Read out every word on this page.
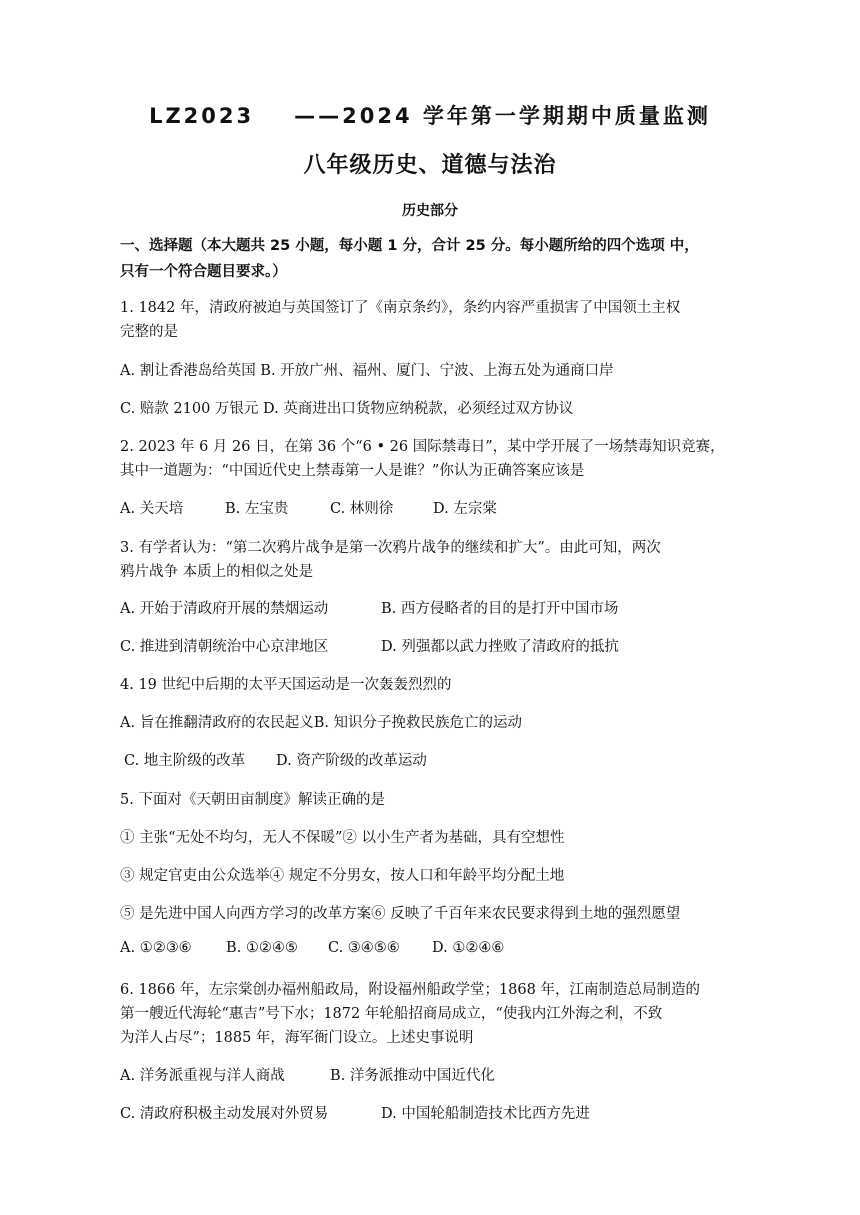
LZ2023 ——2024 学年第一学期期中质量监测
八年级历史、道德与法治
历史部分
一、选择题（本大题共 25 小题，每小题 1 分，合计 25 分。每小题所给的四个选项 中，
只有一个符合题目要求。）
1. 1842 年，清政府被迫与英国签订了《南京条约》，条约内容严重损害了中国领土主权
完整的是
A. 割让香港岛给英国 B. 开放广州、福州、厦门、宁波、上海五处为通商口岸
C. 赔款 2100 万银元 D. 英商进出口货物应纳税款，必须经过双方协议
2. 2023 年 6 月 26 日，在第 36 个“6 • 26 国际禁毒日”，某中学开展了一场禁毒知识竞赛，
其中一道题为：“中国近代史上禁毒第一人是谁？”你认为正确答案应该是
A. 关天培	B. 左宝贵	C. 林则徐	D. 左宗棠
3. 有学者认为：“第二次鸦片战争是第一次鸦片战争的继续和扩大”。由此可知，两次
鸦片战争 本质上的相似之处是
A. 开始于清政府开展的禁烟运动	B. 西方侵略者的目的是打开中国市场
C. 推进到清朝统治中心京津地区	D. 列强都以武力挫败了清政府的抵抗
4. 19 世纪中后期的太平天国运动是一次轰轰烈烈的
A. 旨在推翻清政府的农民起义B. 知识分子挽救民族危亡的运动
C. 地主阶级的改革 D. 资产阶级的改革运动
5. 下面对《天朝田亩制度》解读正确的是
① 主张“无处不均匀，无人不保暖”② 以小生产者为基础，具有空想性
③ 规定官吏由公众选举④ 规定不分男女，按人口和年龄平均分配土地
⑤ 是先进中国人向西方学习的改革方案⑥ 反映了千百年来农民要求得到土地的强烈愿望
A. ①②③⑥ B. ①②④⑤ C. ③④⑤⑥ D. ①②④⑥
6. 1866 年，左宗棠创办福州船政局，附设福州船政学堂；1868 年，江南制造总局制造的
第一艘近代海轮“惠吉”号下水；1872 年轮船招商局成立，“使我内江外海之利，不致
为洋人占尽”；1885 年，海军衙门设立。上述史事说明
A. 洋务派重视与洋人商战	B. 洋务派推动中国近代化
C. 清政府积极主动发展对外贸易	D. 中国轮船制造技术比西方先进
